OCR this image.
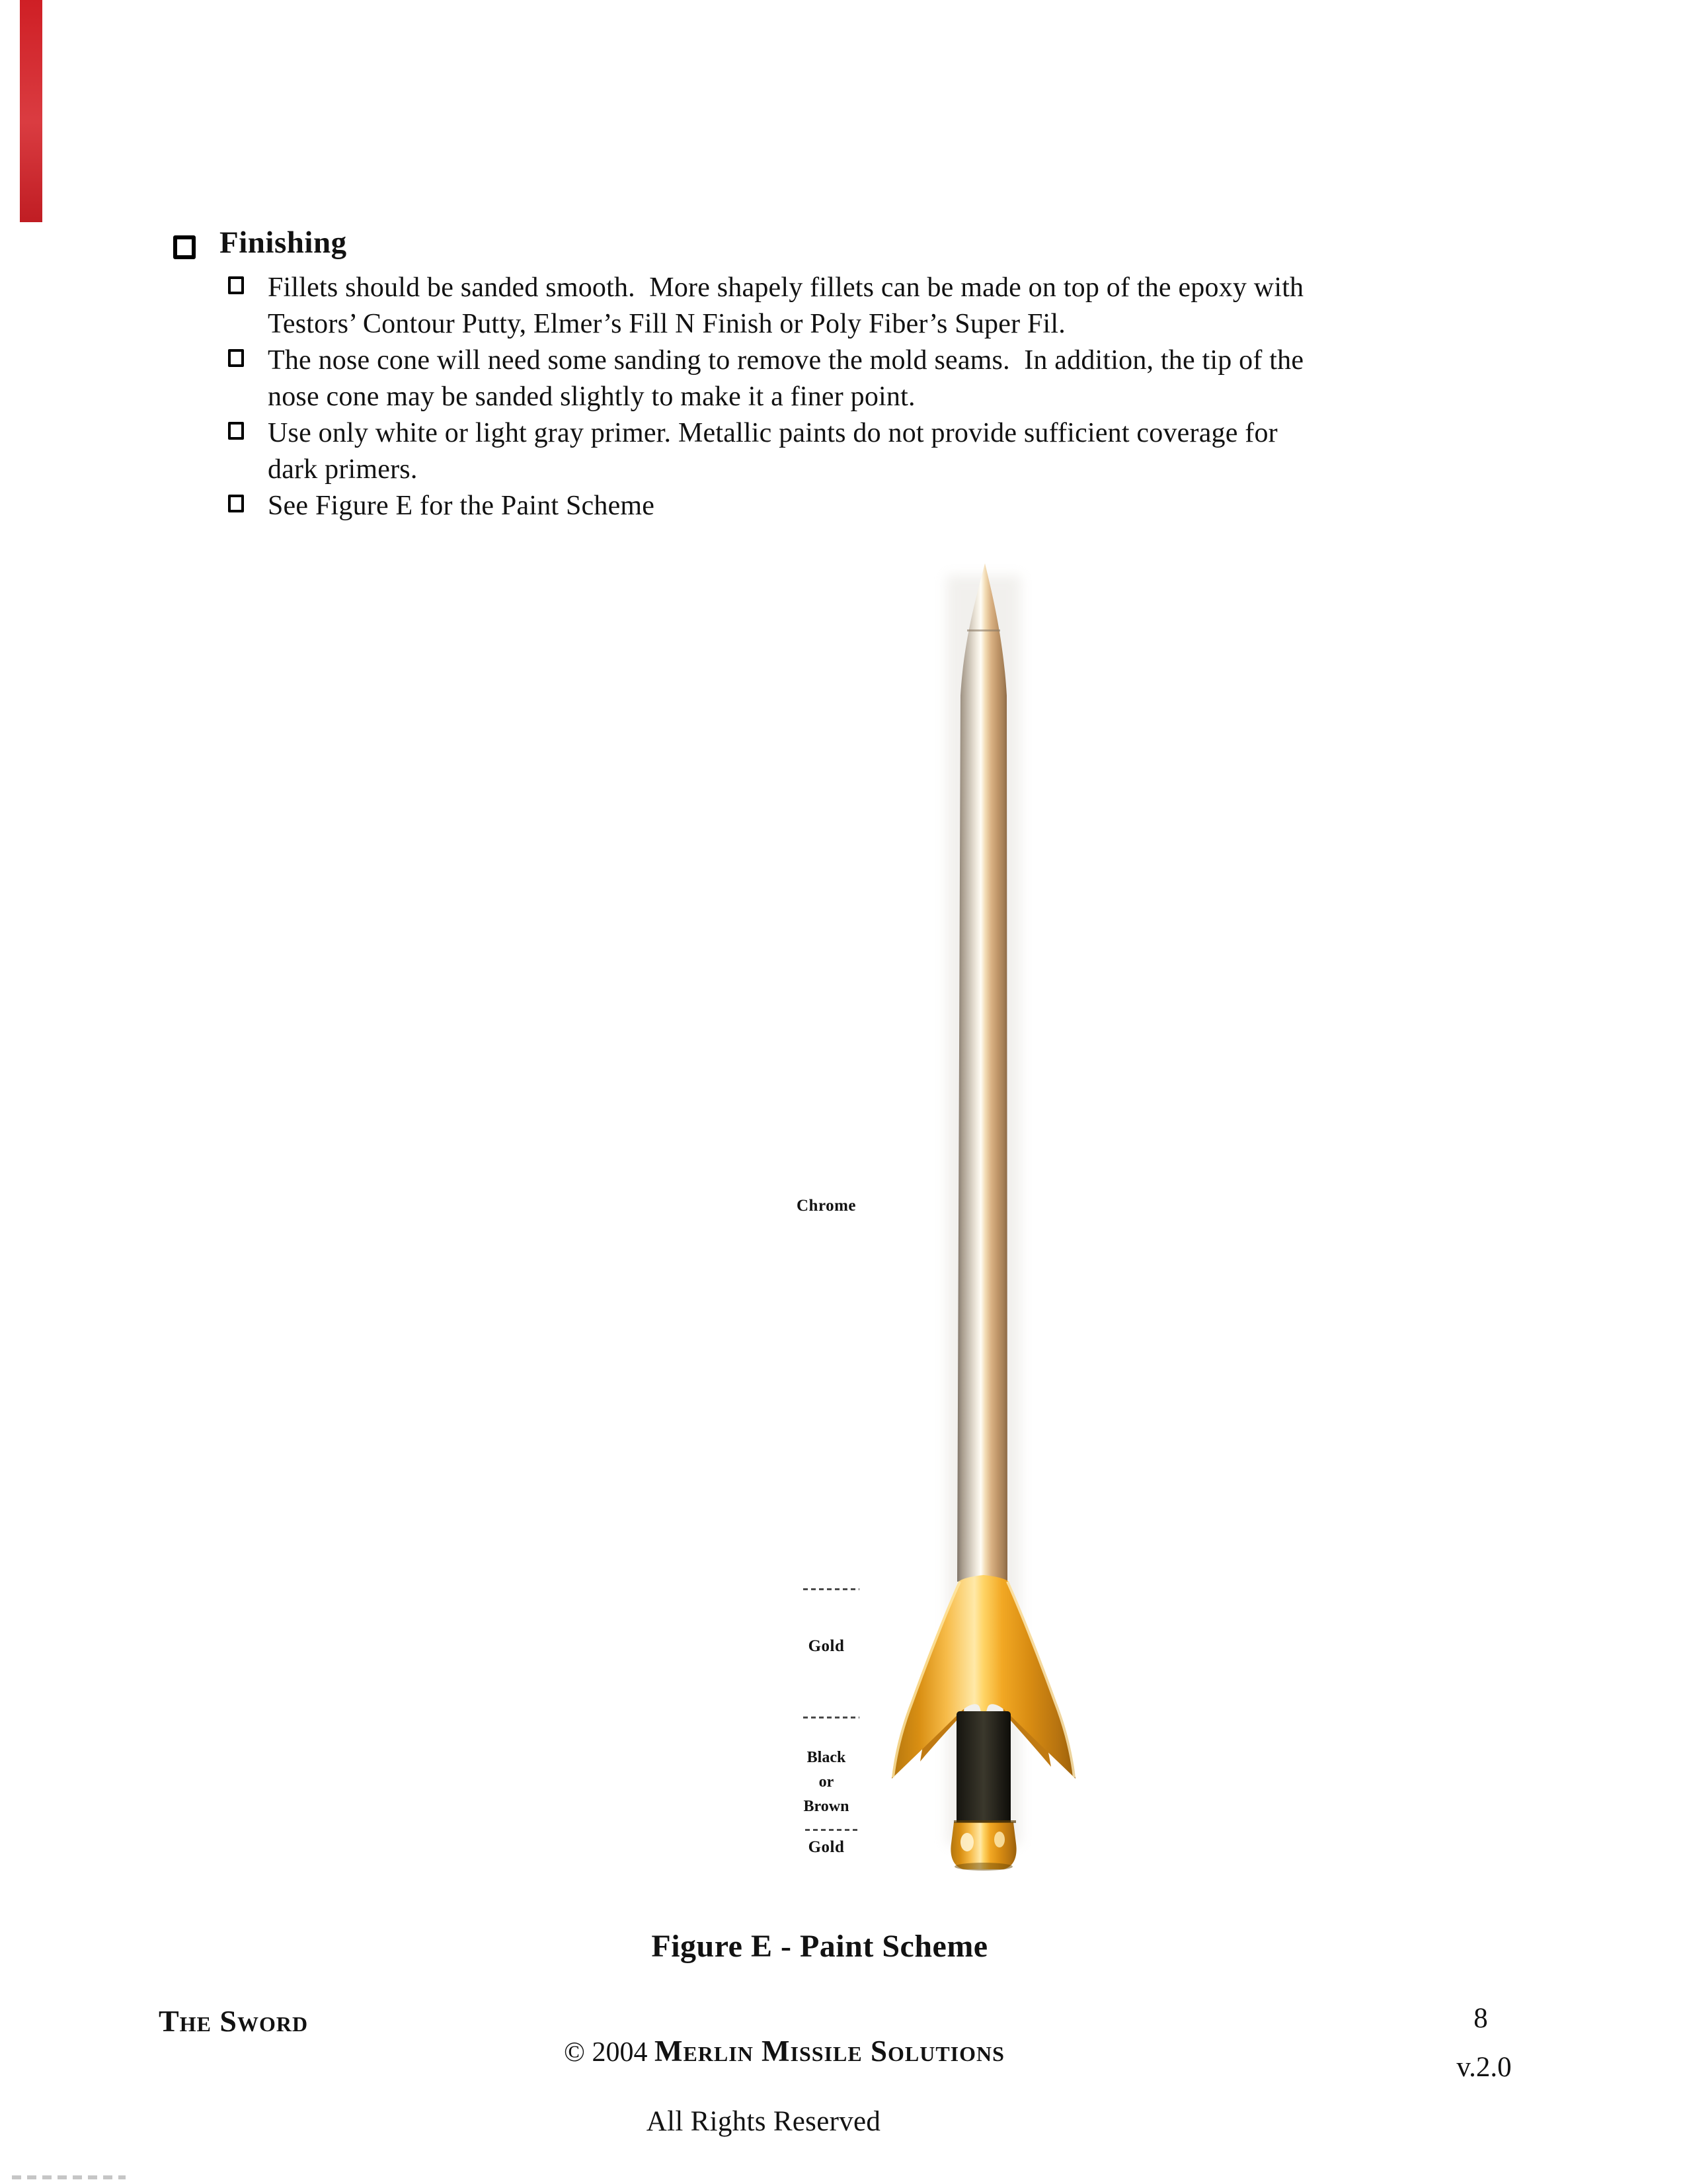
Finishing
Fillets should be sanded smooth.  More shapely fillets can be made on top of the epoxy with
Testors’ Contour Putty, Elmer’s Fill N Finish or Poly Fiber’s Super Fil.
The nose cone will need some sanding to remove the mold seams.  In addition, the tip of the
nose cone may be sanded slightly to make it a finer point.
Use only white or light gray primer. Metallic paints do not provide sufficient coverage for
dark primers.
See Figure E for the Paint Scheme
Chrome
Gold
Black
or
Brown
Gold
Figure E - Paint Scheme
The Sword

© 2004 Merlin Missile Solutions

All Rights Reserved
8
v.2.0
